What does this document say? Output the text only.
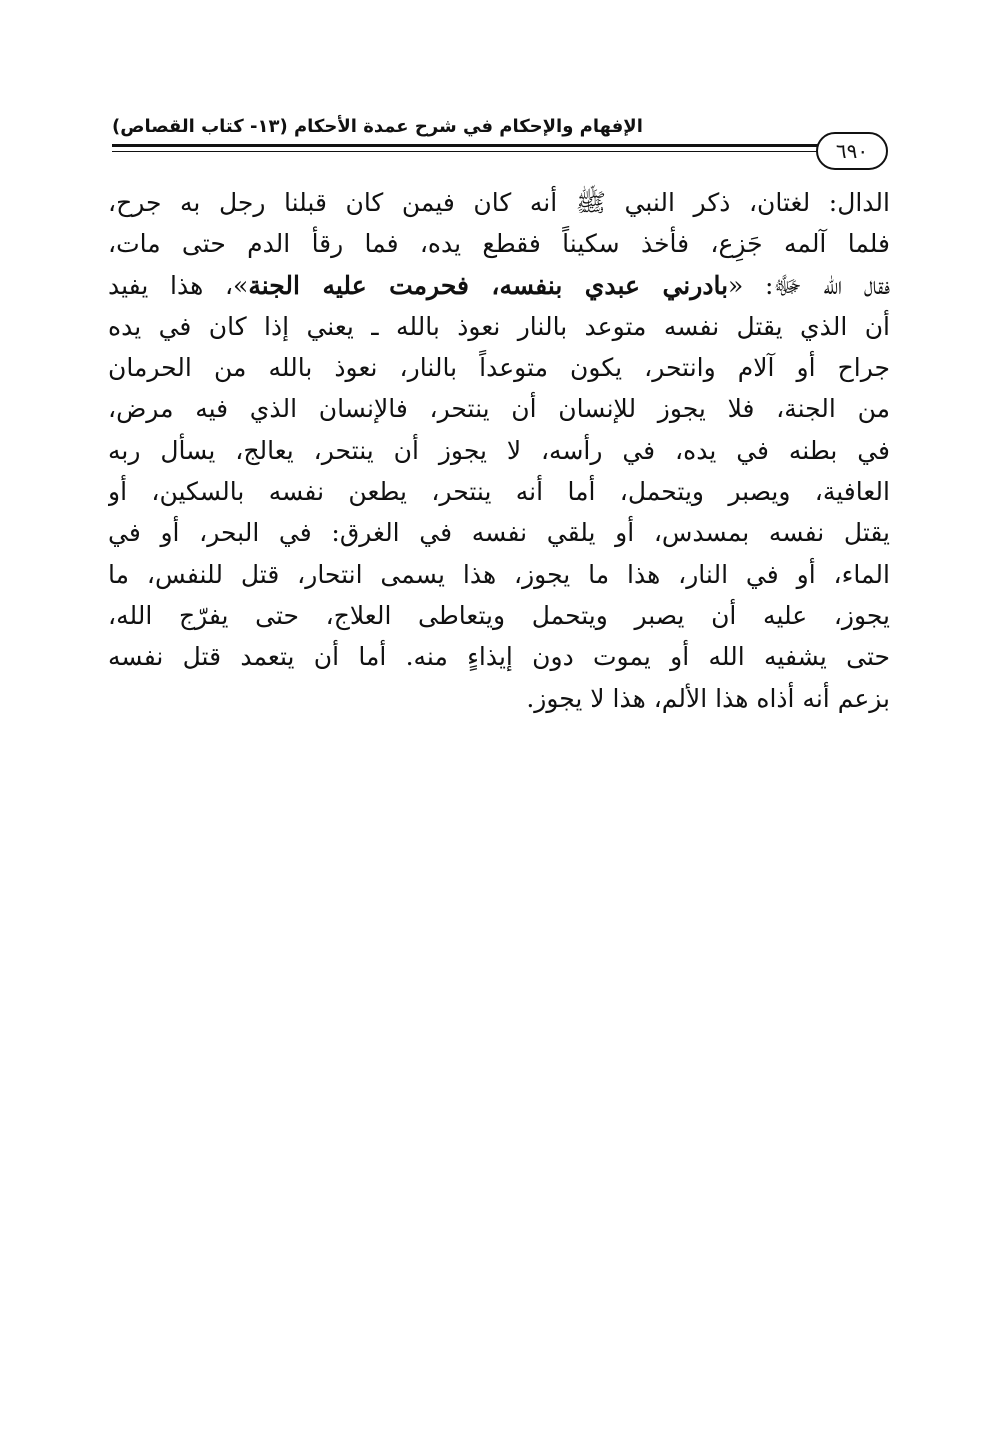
الإفهام والإحكام في شرح عمدة الأحكام (١٣- كتاب القصاص)
٦٩٠
الدال: لغتان، ذكر النبي ﷺ أنه كان فيمن كان قبلنا رجل به جرح،
فلما آلمه جَزِع، فأخذ سكيناً فقطع يده، فما رقأ الدم حتى مات،
فقال الله ﷻ: «بادرني عبدي بنفسه، فحرمت عليه الجنة»، هذا يفيد
أن الذي يقتل نفسه متوعد بالنار نعوذ بالله ـ يعني إذا كان في يده
جراح أو آلام وانتحر، يكون متوعداً بالنار، نعوذ بالله من الحرمان
من الجنة، فلا يجوز للإنسان أن ينتحر، فالإنسان الذي فيه مرض،
في بطنه في يده، في رأسه، لا يجوز أن ينتحر، يعالج، يسأل ربه
العافية، ويصبر ويتحمل، أما أنه ينتحر، يطعن نفسه بالسكين، أو
يقتل نفسه بمسدس، أو يلقي نفسه في الغرق: في البحر، أو في
الماء، أو في النار، هذا ما يجوز، هذا يسمى انتحار، قتل للنفس، ما
يجوز، عليه أن يصبر ويتحمل ويتعاطى العلاج، حتى يفرّج الله،
حتى يشفيه الله أو يموت دون إيذاءٍ منه. أما أن يتعمد قتل نفسه
بزعم أنه أذاه هذا الألم، هذا لا يجوز.
